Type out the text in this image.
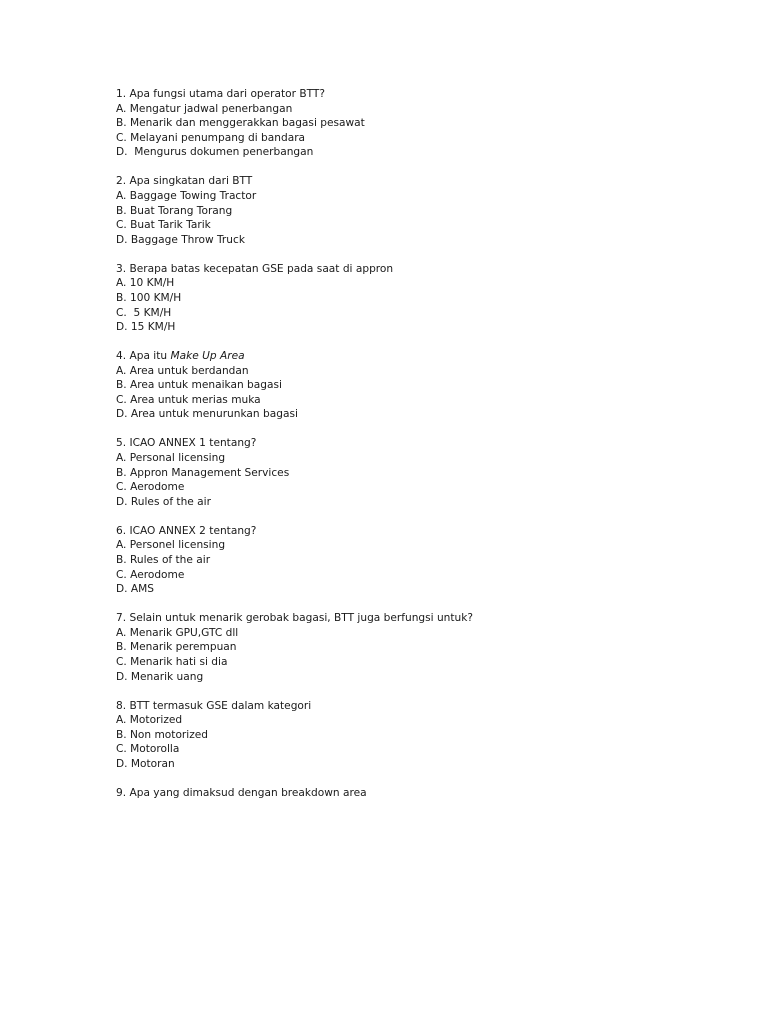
1. Apa fungsi utama dari operator BTT?
A. Mengatur jadwal penerbangan
B. Menarik dan menggerakkan bagasi pesawat
C. Melayani penumpang di bandara
D.  Mengurus dokumen penerbangan
2. Apa singkatan dari BTT
A. Baggage Towing Tractor
B. Buat Torang Torang
C. Buat Tarik Tarik
D. Baggage Throw Truck
3. Berapa batas kecepatan GSE pada saat di appron
A. 10 KM/H
B. 100 KM/H
C.  5 KM/H
D. 15 KM/H
4. Apa itu Make Up Area
A. Area untuk berdandan
B. Area untuk menaikan bagasi
C. Area untuk merias muka
D. Area untuk menurunkan bagasi
5. ICAO ANNEX 1 tentang?
A. Personal licensing
B. Appron Management Services
C. Aerodome
D. Rules of the air
6. ICAO ANNEX 2 tentang?
A. Personel licensing
B. Rules of the air
C. Aerodome
D. AMS
7. Selain untuk menarik gerobak bagasi, BTT juga berfungsi untuk?
A. Menarik GPU,GTC dll
B. Menarik perempuan
C. Menarik hati si dia
D. Menarik uang
8. BTT termasuk GSE dalam kategori
A. Motorized
B. Non motorized
C. Motorolla
D. Motoran
9. Apa yang dimaksud dengan breakdown area
